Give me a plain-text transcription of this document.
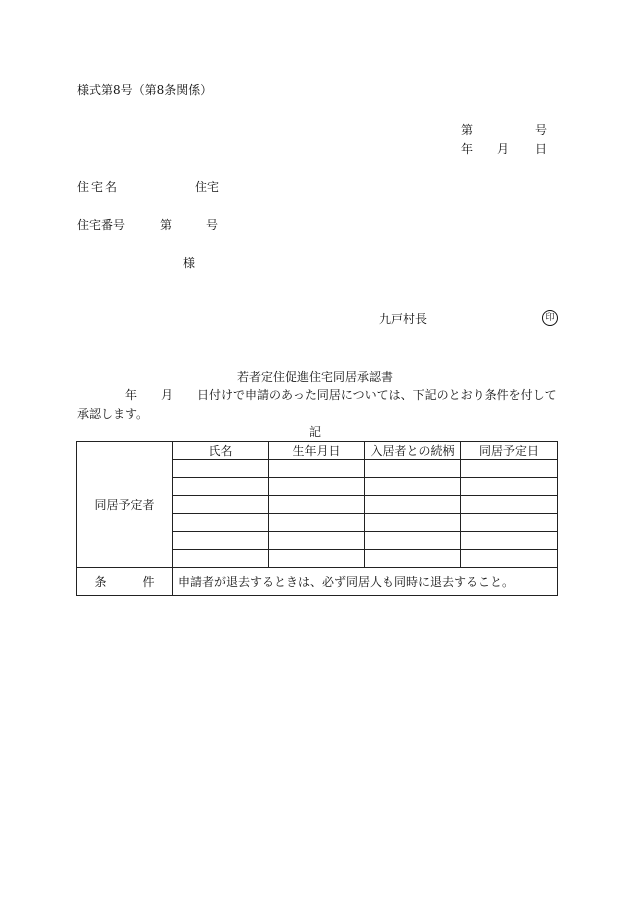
様式第8号（第8条関係）
第	号
年 月 日
住宅名	住宅
住宅番号	第	号
様
九戸村長	印
若者定住促進住宅同居承認書
年 月 日付けで申請のあった同居については、下記のとおり条件を付して
承認します。
記
同居予定者	氏名	生年月日	入居者との続柄	同居予定日

条　　　件	申請者が退去するときは、必ず同居人も同時に退去すること。			
